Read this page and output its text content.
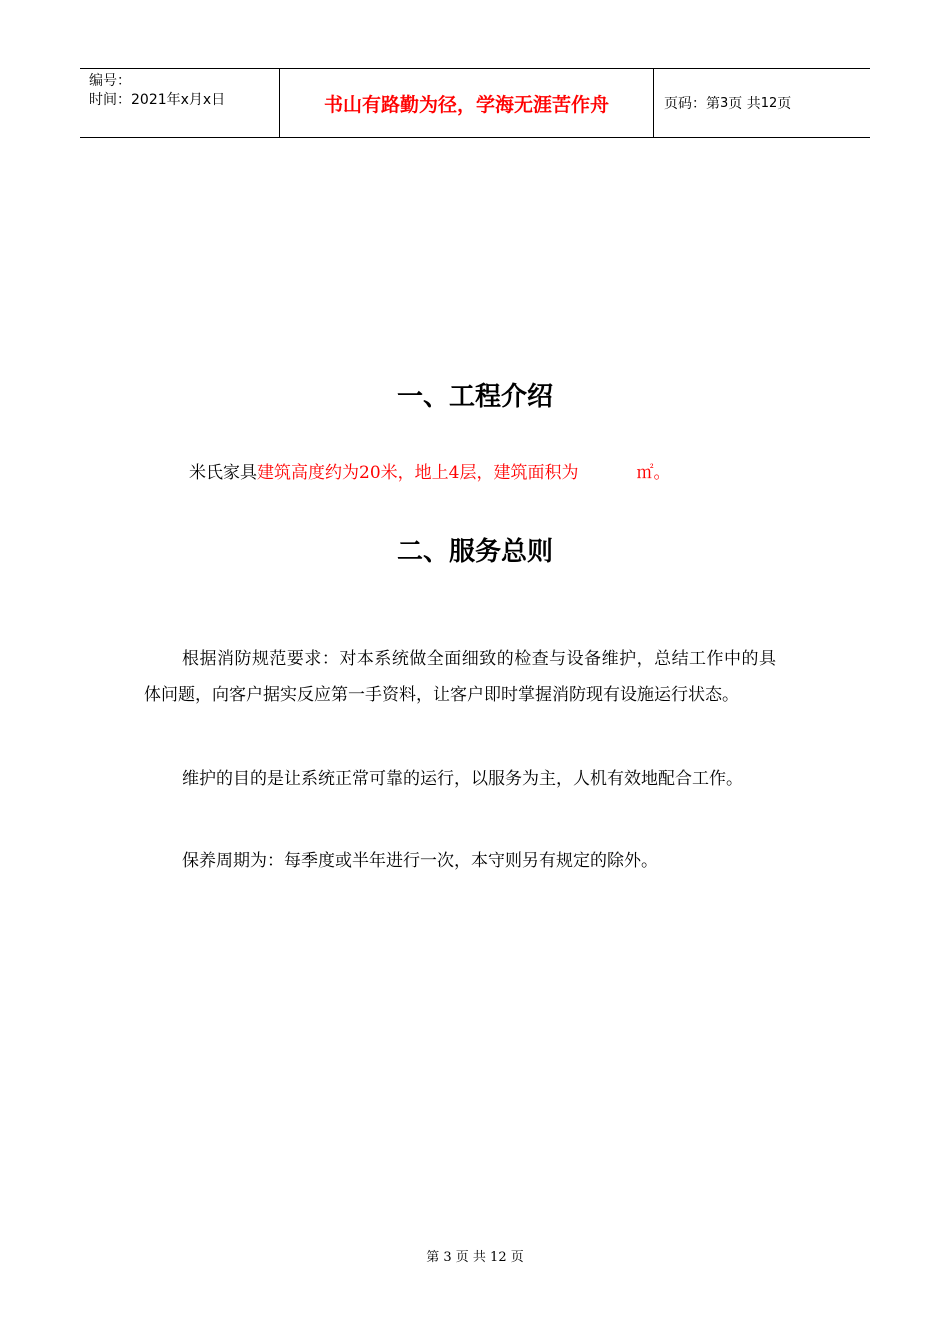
编号：
时间：2021年x月x日	书山有路勤为径，学海无涯苦作舟	页码：第 3 页 共 12 页
一、工程介绍
米氏家具建筑高度约为20米，地上4层，建筑面积为	㎡。
二、服务总则

根据消防规范要求：对本系统做全面细致的检查与设备维护，总结工作中的具体问题，向客户据实反应第一手资料，让客户即时掌握消防现有设施运行状态。

维护的目的是让系统正常可靠的运行，以服务为主，人机有效地配合工作。

保养周期为：每季度或半年进行一次，本守则另有规定的除外。

第 3 页 共 12 页
